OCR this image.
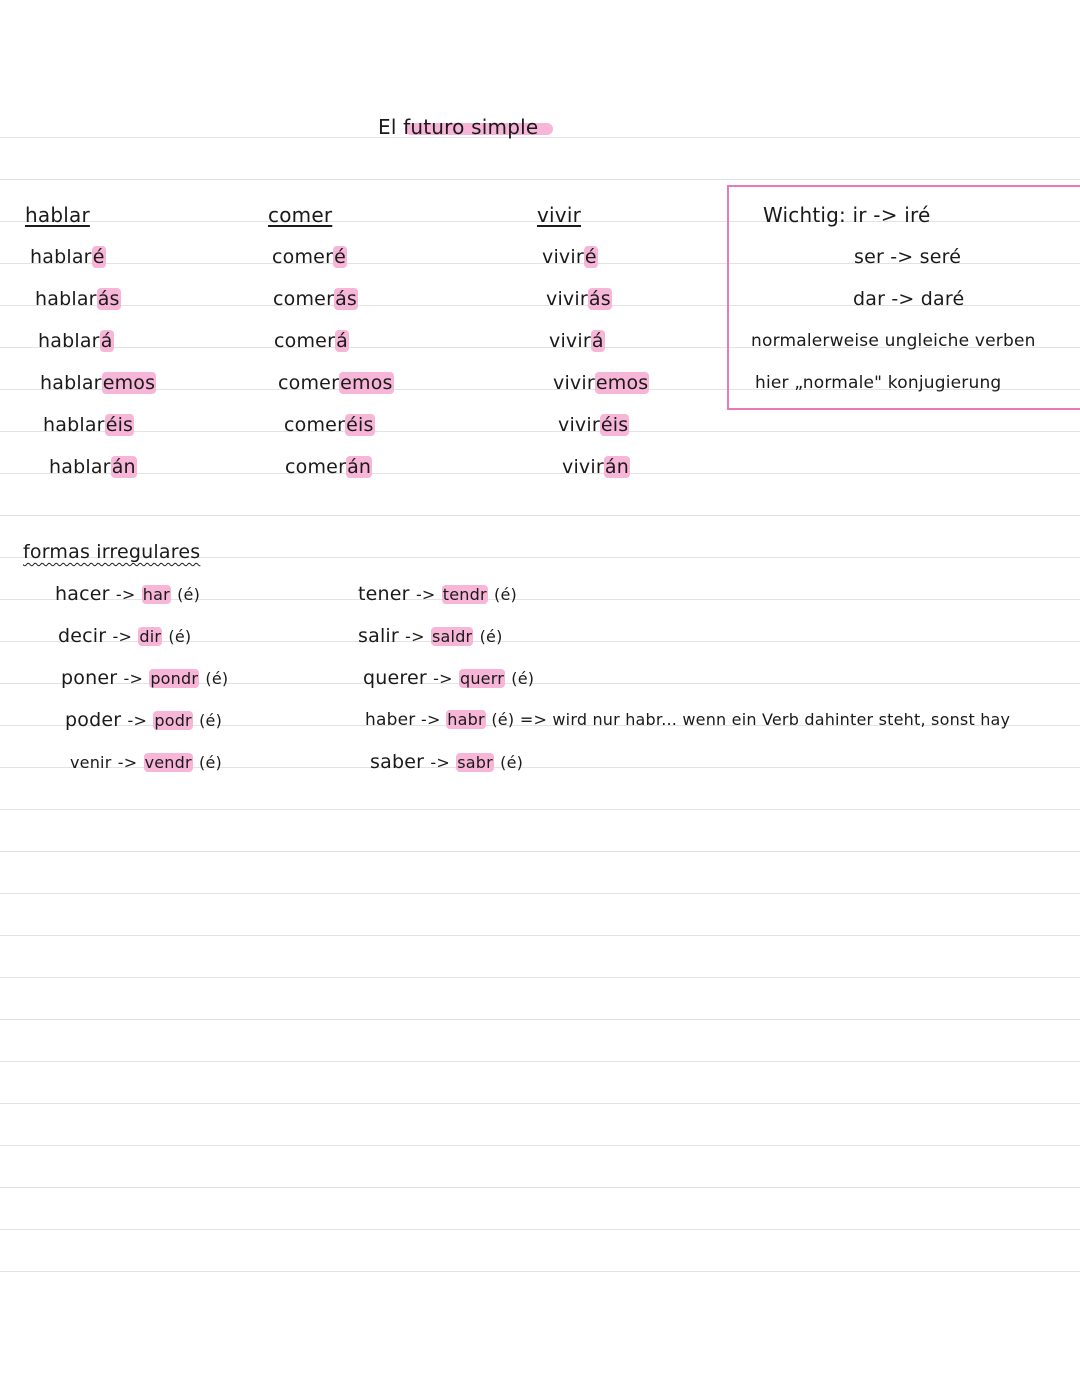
El futuro simple
hablar
hablaré
hablarás
hablará
hablaremos
hablaréis
hablarán
comer
comeré
comerás
comerá
comeremos
comeréis
comerán
vivir
viviré
vivirás
vivirá
viviremos
viviréis
vivirán
Wichtig: ir -> iré
ser -> seré
dar -> daré
normalerweise ungleiche verben
hier „normale" konjugierung
formas irregulares
hacer -> har (é)
decir -> dir (é)
poner -> pondr (é)
poder -> podr (é)
venir -> vendr (é)
tener -> tendr (é)
salir -> saldr (é)
querer -> querr (é)
haber -> habr (é) => wird nur habr... wenn ein Verb dahinter steht, sonst hay
saber -> sabr (é)
